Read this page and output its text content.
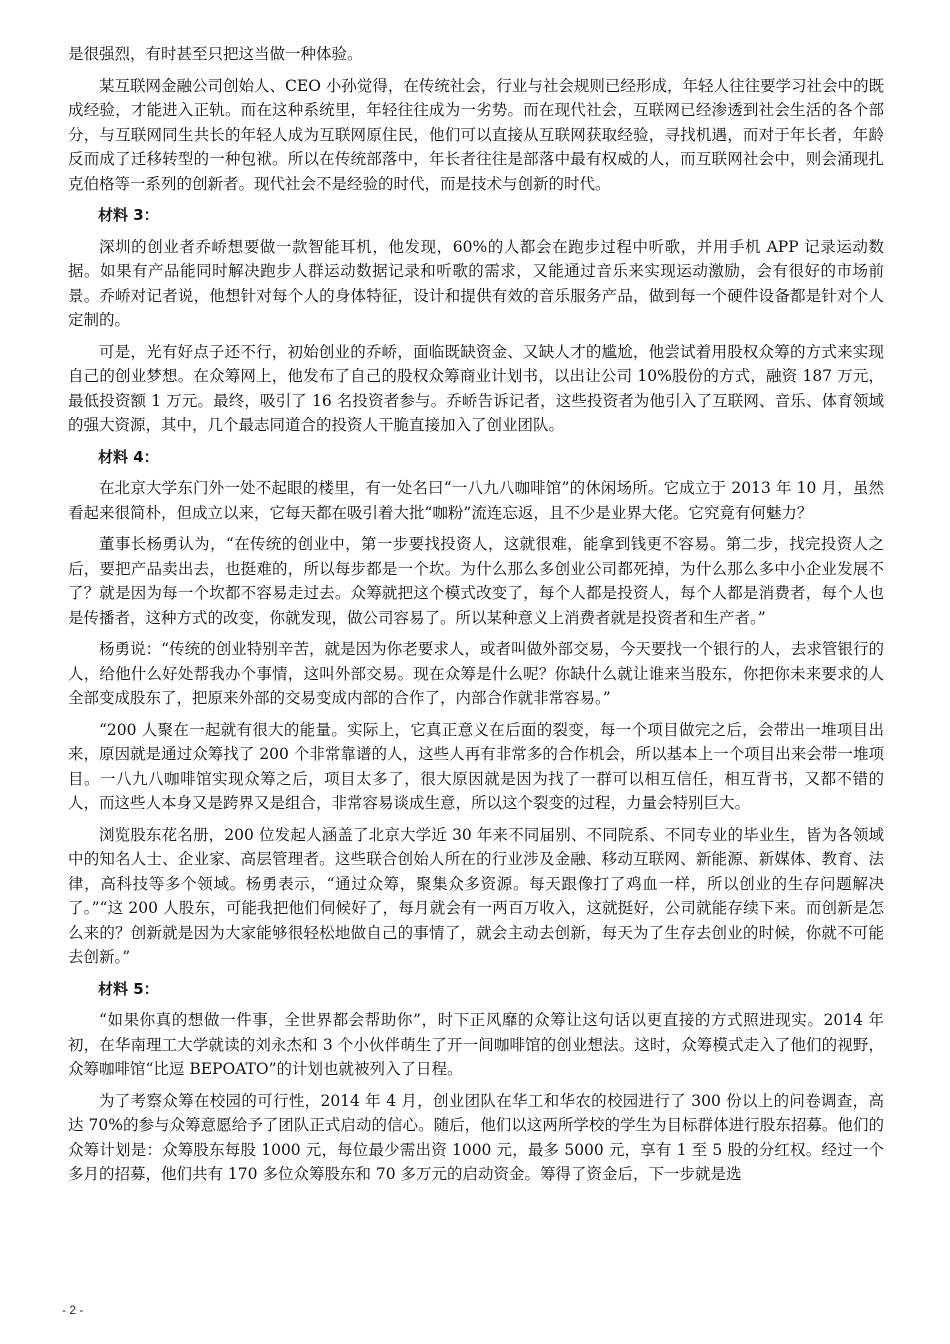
是很强烈，有时甚至只把这当做一种体验。

某互联网金融公司创始人、CEO 小孙觉得，在传统社会，行业与社会规则已经形成，年轻人往往要学习社会中的既成经验，才能进入正轨。而在这种系统里，年轻往往成为一劣势。而在现代社会，互联网已经渗透到社会生活的各个部分，与互联网同生共长的年轻人成为互联网原住民，他们可以直接从互联网获取经验，寻找机遇，而对于年长者，年龄反而成了迁移转型的一种包袱。所以在传统部落中，年长者往往是部落中最有权威的人，而互联网社会中，则会涌现扎克伯格等一系列的创新者。现代社会不是经验的时代，而是技术与创新的时代。

材料 3：

深圳的创业者乔峤想要做一款智能耳机，他发现，60%的人都会在跑步过程中听歌，并用手机 APP 记录运动数据。如果有产品能同时解决跑步人群运动数据记录和听歌的需求，又能通过音乐来实现运动激励，会有很好的市场前景。乔峤对记者说，他想针对每个人的身体特征，设计和提供有效的音乐服务产品，做到每一个硬件设备都是针对个人定制的。

可是，光有好点子还不行，初始创业的乔峤，面临既缺资金、又缺人才的尴尬，他尝试着用股权众筹的方式来实现自己的创业梦想。在众筹网上，他发布了自己的股权众筹商业计划书，以出让公司 10%股份的方式，融资 187 万元，最低投资额 1 万元。最终，吸引了 16 名投资者参与。乔峤告诉记者，这些投资者为他引入了互联网、音乐、体育领域的强大资源，其中，几个最志同道合的投资人干脆直接加入了创业团队。

材料 4：

在北京大学东门外一处不起眼的楼里，有一处名曰“一八九八咖啡馆”的休闲场所。它成立于 2013 年 10 月，虽然看起来很简朴，但成立以来，它每天都在吸引着大批“咖粉”流连忘返，且不少是业界大佬。它究竟有何魅力？

董事长杨勇认为，“在传统的创业中，第一步要找投资人，这就很难，能拿到钱更不容易。第二步，找完投资人之后，要把产品卖出去，也挺难的，所以每步都是一个坎。为什么那么多创业公司都死掉，为什么那么多中小企业发展不了？就是因为每一个坎都不容易走过去。众筹就把这个模式改变了，每个人都是投资人，每个人都是消费者，每个人也是传播者，这种方式的改变，你就发现，做公司容易了。所以某种意义上消费者就是投资者和生产者。”

杨勇说：“传统的创业特别辛苦，就是因为你老要求人，或者叫做外部交易，今天要找一个银行的人，去求管银行的人，给他什么好处帮我办个事情，这叫外部交易。现在众筹是什么呢？你缺什么就让谁来当股东，你把你未来要求的人全部变成股东了，把原来外部的交易变成内部的合作了，内部合作就非常容易。”

“200 人聚在一起就有很大的能量。实际上，它真正意义在后面的裂变，每一个项目做完之后，会带出一堆项目出来，原因就是通过众筹找了 200 个非常靠谱的人，这些人再有非常多的合作机会，所以基本上一个项目出来会带一堆项目。一八九八咖啡馆实现众筹之后，项目太多了，很大原因就是因为找了一群可以相互信任，相互背书，又都不错的人，而这些人本身又是跨界又是组合，非常容易谈成生意，所以这个裂变的过程，力量会特别巨大。

浏览股东花名册，200 位发起人涵盖了北京大学近 30 年来不同届别、不同院系、不同专业的毕业生，皆为各领域中的知名人士、企业家、高层管理者。这些联合创始人所在的行业涉及金融、移动互联网、新能源、新媒体、教育、法律，高科技等多个领域。杨勇表示，“通过众筹，聚集众多资源。每天跟像打了鸡血一样，所以创业的生存问题解决了。”“这 200 人股东，可能我把他们伺候好了，每月就会有一两百万收入，这就挺好，公司就能存续下来。而创新是怎么来的？创新就是因为大家能够很轻松地做自己的事情了，就会主动去创新，每天为了生存去创业的时候，你就不可能去创新。”

材料 5：

“如果你真的想做一件事，全世界都会帮助你”，时下正风靡的众筹让这句话以更直接的方式照进现实。2014 年初，在华南理工大学就读的刘永杰和 3 个小伙伴萌生了开一间咖啡馆的创业想法。这时，众筹模式走入了他们的视野，众筹咖啡馆“比逗 BEPOATO”的计划也就被列入了日程。

为了考察众筹在校园的可行性，2014 年 4 月，创业团队在华工和华农的校园进行了 300 份以上的问卷调查，高达 70%的参与众筹意愿给予了团队正式启动的信心。随后，他们以这两所学校的学生为目标群体进行股东招募。他们的众筹计划是：众筹股东每股 1000 元，每位最少需出资 1000 元，最多 5000 元，享有 1 至 5 股的分红权。经过一个多月的招募，他们共有 170 多位众筹股东和 70 多万元的启动资金。筹得了资金后，下一步就是选

- 2 -
